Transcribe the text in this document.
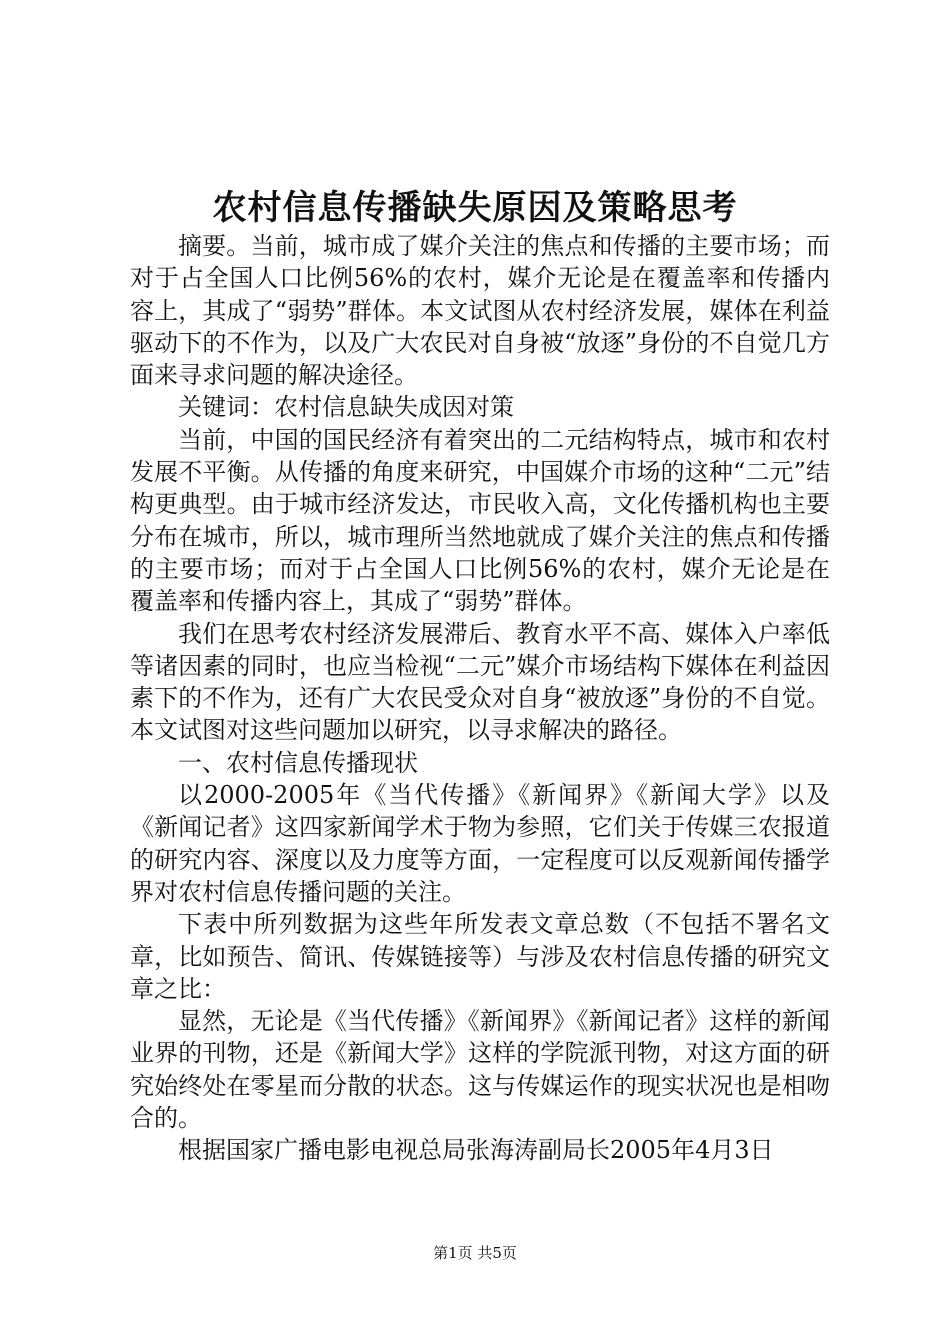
农村信息传播缺失原因及策略思考

摘要。当前，城市成了媒介关注的焦点和传播的主要市场；而对于占全国人口比例56%的农村，媒介无论是在覆盖率和传播内容上，其成了“弱势”群体。本文试图从农村经济发展，媒体在利益驱动下的不作为，以及广大农民对自身被“放逐”身份的不自觉几方面来寻求问题的解决途径。

关键词：农村信息缺失成因对策

当前，中国的国民经济有着突出的二元结构特点，城市和农村发展不平衡。从传播的角度来研究，中国媒介市场的这种“二元”结构更典型。由于城市经济发达，市民收入高，文化传播机构也主要分布在城市，所以，城市理所当然地就成了媒介关注的焦点和传播的主要市场；而对于占全国人口比例56%的农村，媒介无论是在覆盖率和传播内容上，其成了“弱势”群体。

我们在思考农村经济发展滞后、教育水平不高、媒体入户率低等诸因素的同时，也应当检视“二元”媒介市场结构下媒体在利益因素下的不作为，还有广大农民受众对自身“被放逐”身份的不自觉。本文试图对这些问题加以研究，以寻求解决的路径。

一、农村信息传播现状

以2000-2005年《当代传播》《新闻界》《新闻大学》以及《新闻记者》这四家新闻学术于物为参照，它们关于传媒三农报道的研究内容、深度以及力度等方面，一定程度可以反观新闻传播学界对农村信息传播问题的关注。

下表中所列数据为这些年所发表文章总数（不包括不署名文章，比如预告、简讯、传媒链接等）与涉及农村信息传播的研究文章之比：

显然，无论是《当代传播》《新闻界》《新闻记者》这样的新闻业界的刊物，还是《新闻大学》这样的学院派刊物，对这方面的研究始终处在零星而分散的状态。这与传媒运作的现实状况也是相吻合的。

根据国家广播电影电视总局张海涛副局长2005年4月3日

第1页 共5页
